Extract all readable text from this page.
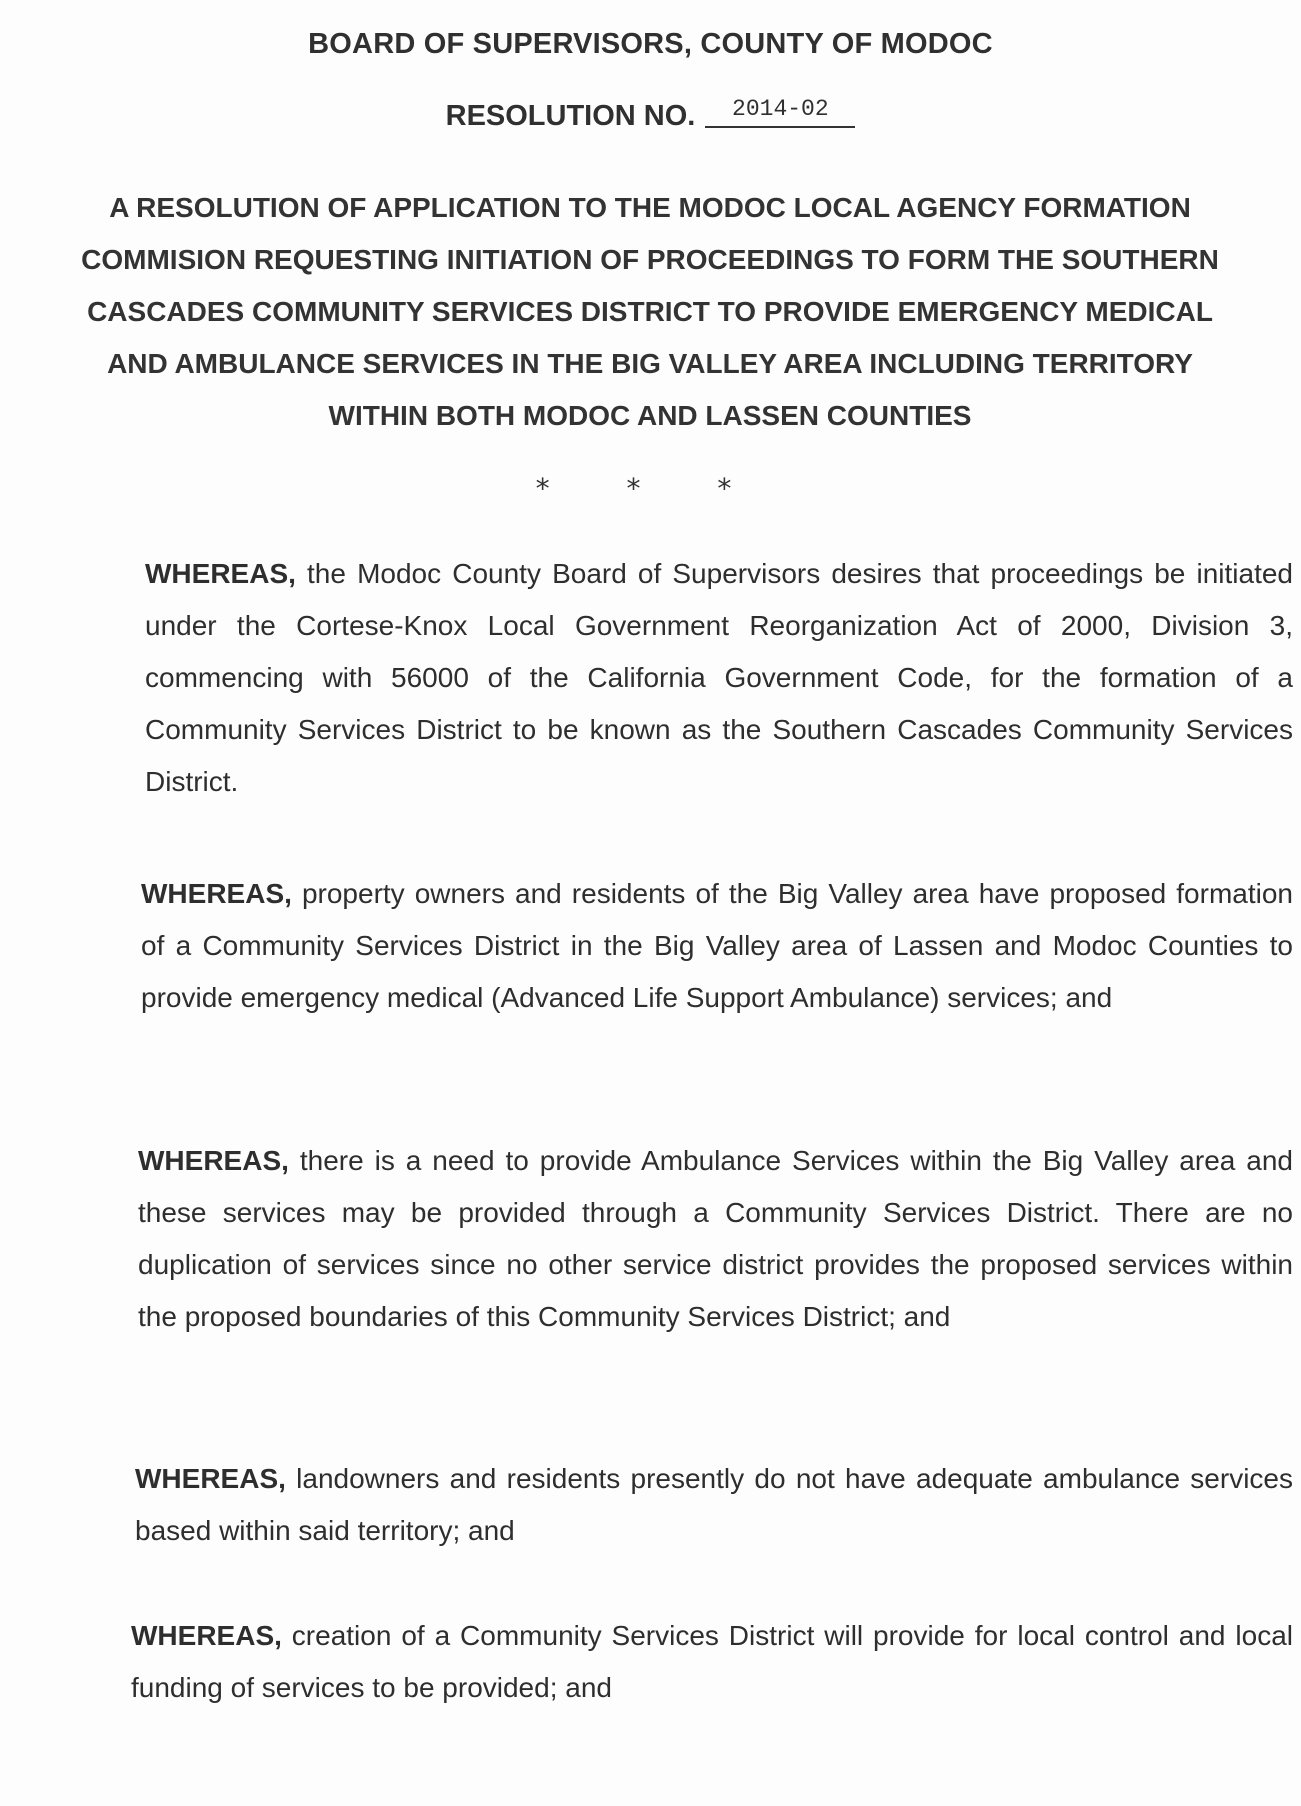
BOARD OF SUPERVISORS, COUNTY OF MODOC
RESOLUTION NO. 2014-02
A RESOLUTION OF APPLICATION TO THE MODOC LOCAL AGENCY FORMATION COMMISION REQUESTING INITIATION OF PROCEEDINGS TO FORM THE SOUTHERN CASCADES COMMUNITY SERVICES DISTRICT TO PROVIDE EMERGENCY MEDICAL AND AMBULANCE SERVICES IN THE BIG VALLEY AREA INCLUDING TERRITORY WITHIN BOTH MODOC AND LASSEN COUNTIES
* * *
WHEREAS, the Modoc County Board of Supervisors desires that proceedings be initiated under the Cortese-Knox Local Government Reorganization Act of 2000, Division 3, commencing with 56000 of the California Government Code, for the formation of a Community Services District to be known as the Southern Cascades Community Services District.
WHEREAS, property owners and residents of the Big Valley area have proposed formation of a Community Services District in the Big Valley area of Lassen and Modoc Counties to provide emergency medical (Advanced Life Support Ambulance) services; and
WHEREAS, there is a need to provide Ambulance Services within the Big Valley area and these services may be provided through a Community Services District. There are no duplication of services since no other service district provides the proposed services within the proposed boundaries of this Community Services District; and
WHEREAS, landowners and residents presently do not have adequate ambulance services based within said territory; and
WHEREAS, creation of a Community Services District will provide for local control and local funding of services to be provided; and
